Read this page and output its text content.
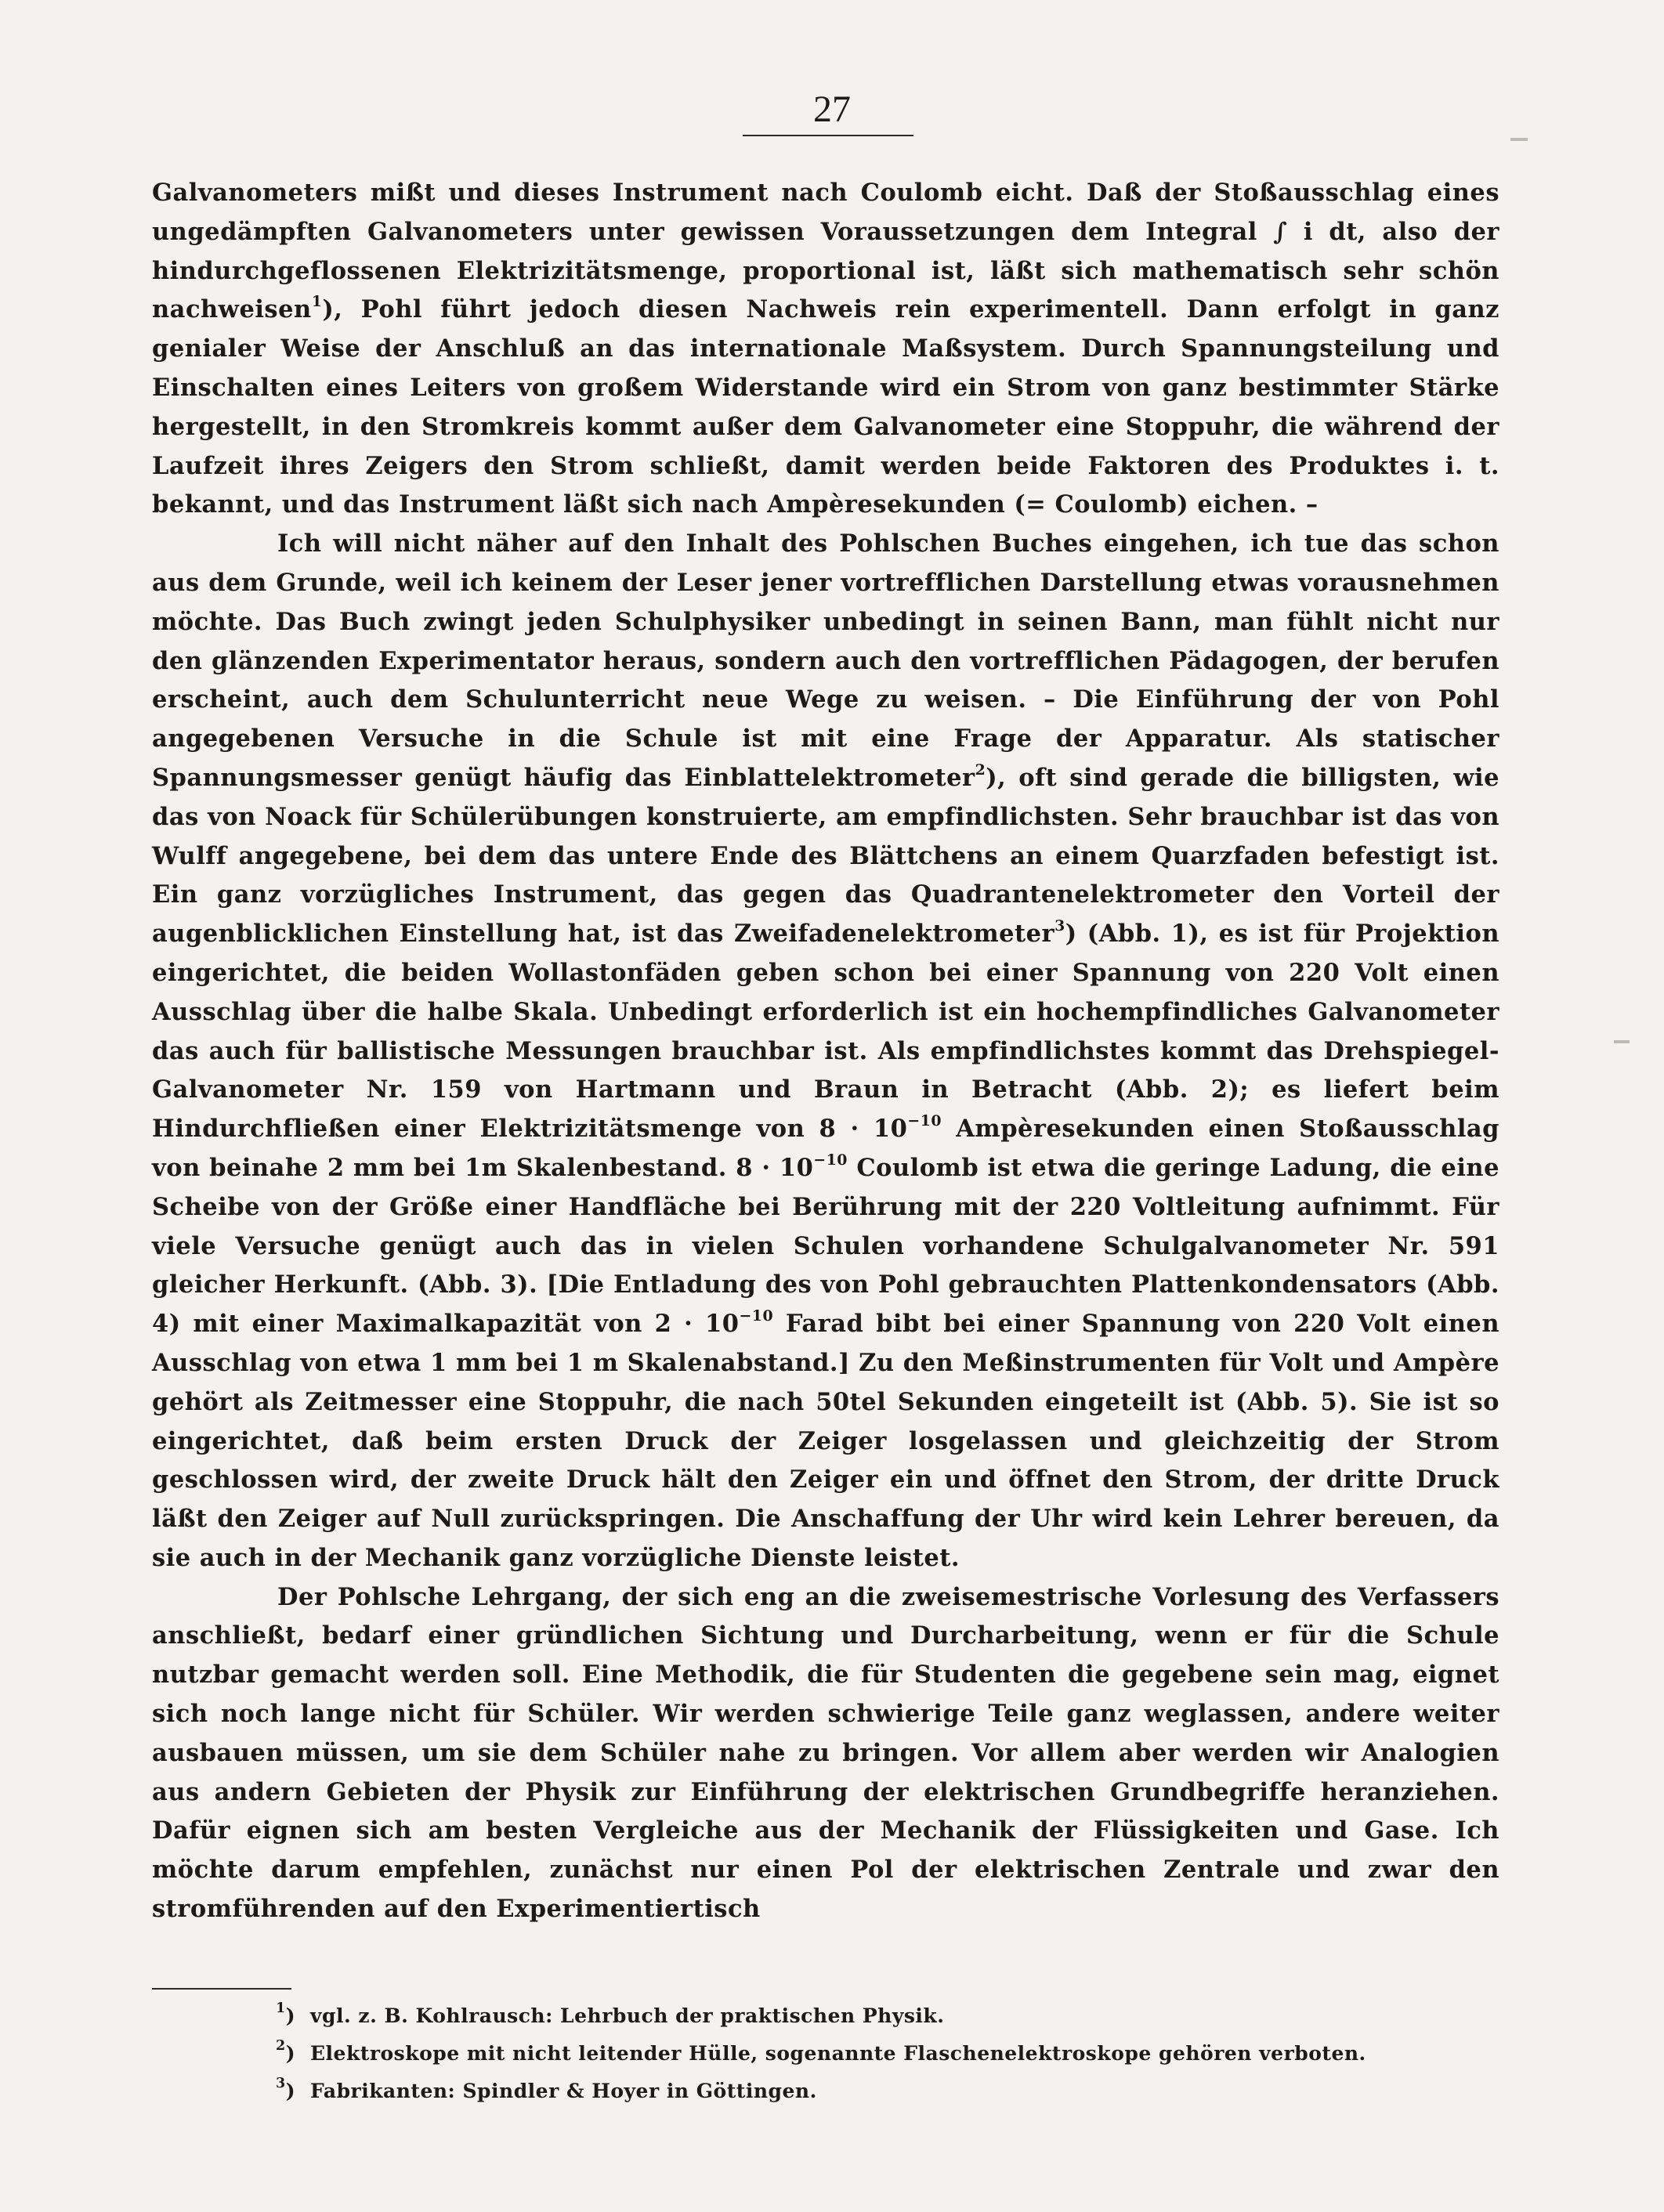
27

Galvanometers mißt und dieses Instrument nach Coulomb eicht. Daß der Stoßausschlag eines ungedämpften Galvanometers unter gewissen Voraussetzungen dem Integral ∫ i dt, also der hindurchgeflossenen Elektrizitätsmenge, proportional ist, läßt sich mathematisch sehr schön nachweisen$^1$), Pohl führt jedoch diesen Nachweis rein experimentell. Dann erfolgt in ganz genialer Weise der Anschluß an das internationale Maßsystem. Durch Spannungsteilung und Einschalten eines Leiters von großem Widerstande wird ein Strom von ganz bestimmter Stärke hergestellt, in den Stromkreis kommt außer dem Galvanometer eine Stoppuhr, die während der Laufzeit ihres Zeigers den Strom schließt, damit werden beide Faktoren des Produktes i. t. bekannt, und das Instrument läßt sich nach Ampèresekunden (= Coulomb) eichen. –

Ich will nicht näher auf den Inhalt des Pohlschen Buches eingehen, ich tue das schon aus dem Grunde, weil ich keinem der Leser jener vortrefflichen Darstellung etwas vorausnehmen möchte. Das Buch zwingt jeden Schulphysiker unbedingt in seinen Bann, man fühlt nicht nur den glänzenden Experimentator heraus, sondern auch den vortrefflichen Pädagogen, der berufen erscheint, auch dem Schulunterricht neue Wege zu weisen. – Die Einführung der von Pohl angegebenen Versuche in die Schule ist mit eine Frage der Apparatur. Als statischer Spannungsmesser genügt häufig das Einblattelektrometer$^2$), oft sind gerade die billigsten, wie das von Noack für Schülerübungen konstruierte, am empfindlichsten. Sehr brauchbar ist das von Wulff angegebene, bei dem das untere Ende des Blättchens an einem Quarzfaden befestigt ist. Ein ganz vorzügliches Instrument, das gegen das Quadrantenelektrometer den Vorteil der augenblicklichen Einstellung hat, ist das Zweifadenelektrometer$^3$) (Abb. 1), es ist für Projektion eingerichtet, die beiden Wollastonfäden geben schon bei einer Spannung von 220 Volt einen Ausschlag über die halbe Skala. Unbedingt erforderlich ist ein hochempfindliches Galvanometer das auch für ballistische Messungen brauchbar ist. Als empfindlichstes kommt das Drehspiegel-Galvanometer Nr. 159 von Hartmann und Braun in Betracht (Abb. 2); es liefert beim Hindurchfließen einer Elektrizitätsmenge von $8 \cdot 10^{-10}$ Ampèresekunden einen Stoßausschlag von beinahe 2 mm bei 1m Skalenbestand. $8 \cdot 10^{-10}$ Coulomb ist etwa die geringe Ladung, die eine Scheibe von der Größe einer Handfläche bei Berührung mit der 220 Voltleitung aufnimmt. Für viele Versuche genügt auch das in vielen Schulen vorhandene Schulgalvanometer Nr. 591 gleicher Herkunft. (Abb. 3). [Die Entladung des von Pohl gebrauchten Plattenkondensators (Abb. 4) mit einer Maximalkapazität von $2 \cdot 10^{-10}$ Farad bibt bei einer Spannung von 220 Volt einen Ausschlag von etwa 1 mm bei 1 m Skalenabstand.] Zu den Meßinstrumenten für Volt und Ampère gehört als Zeitmesser eine Stoppuhr, die nach 50tel Sekunden eingeteilt ist (Abb. 5). Sie ist so eingerichtet, daß beim ersten Druck der Zeiger losgelassen und gleichzeitig der Strom geschlossen wird, der zweite Druck hält den Zeiger ein und öffnet den Strom, der dritte Druck läßt den Zeiger auf Null zurückspringen. Die Anschaffung der Uhr wird kein Lehrer bereuen, da sie auch in der Mechanik ganz vorzügliche Dienste leistet.

Der Pohlsche Lehrgang, der sich eng an die zweisemestrische Vorlesung des Verfassers anschließt, bedarf einer gründlichen Sichtung und Durcharbeitung, wenn er für die Schule nutzbar gemacht werden soll. Eine Methodik, die für Studenten die gegebene sein mag, eignet sich noch lange nicht für Schüler. Wir werden schwierige Teile ganz weglassen, andere weiter ausbauen müssen, um sie dem Schüler nahe zu bringen. Vor allem aber werden wir Analogien aus andern Gebieten der Physik zur Einführung der elektrischen Grundbegriffe heranziehen. Dafür eignen sich am besten Vergleiche aus der Mechanik der Flüssigkeiten und Gase. Ich möchte darum empfehlen, zunächst nur einen Pol der elektrischen Zentrale und zwar den stromführenden auf den Experimentiertisch

$^1$) vgl. z. B. Kohlrausch: Lehrbuch der praktischen Physik.
$^2$) Elektroskope mit nicht leitender Hülle, sogenannte Flaschenelektroskope gehören verboten.
$^3$) Fabrikanten: Spindler & Hoyer in Göttingen.
